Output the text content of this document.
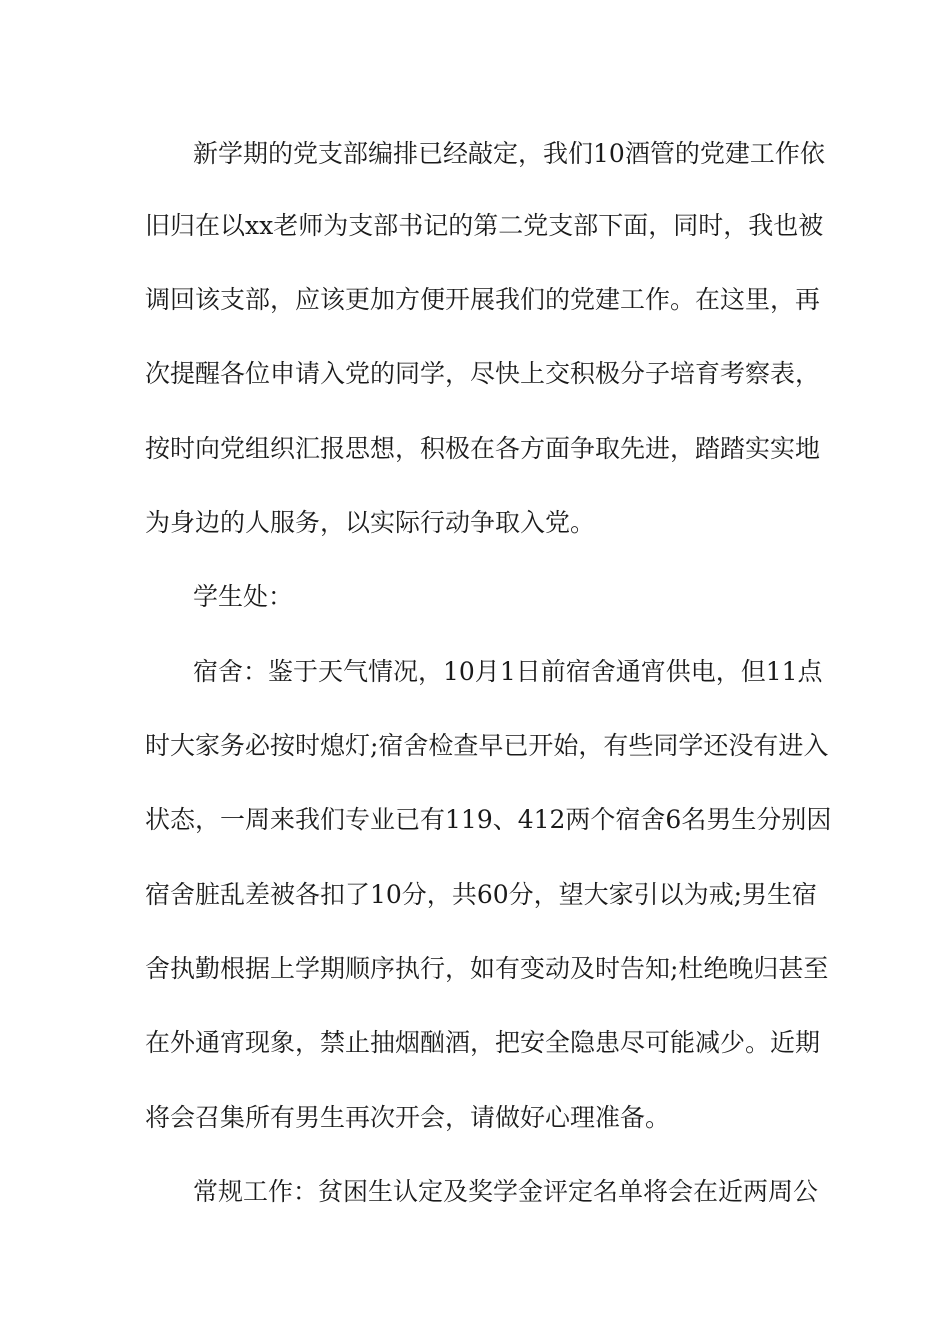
新学期的党支部编排已经敲定，我们10酒管的党建工作依
旧归在以xx老师为支部书记的第二党支部下面，同时，我也被
调回该支部，应该更加方便开展我们的党建工作。在这里，再
次提醒各位申请入党的同学，尽快上交积极分子培育考察表，
按时向党组织汇报思想，积极在各方面争取先进，踏踏实实地
为身边的人服务，以实际行动争取入党。
学生处：
宿舍：鉴于天气情况，10月1日前宿舍通宵供电，但11点
时大家务必按时熄灯;宿舍检查早已开始，有些同学还没有进入
状态，一周来我们专业已有119、412两个宿舍6名男生分别因
宿舍脏乱差被各扣了10分，共60分，望大家引以为戒;男生宿
舍执勤根据上学期顺序执行，如有变动及时告知;杜绝晚归甚至
在外通宵现象，禁止抽烟酗酒，把安全隐患尽可能减少。近期
将会召集所有男生再次开会，请做好心理准备。
常规工作：贫困生认定及奖学金评定名单将会在近两周公
